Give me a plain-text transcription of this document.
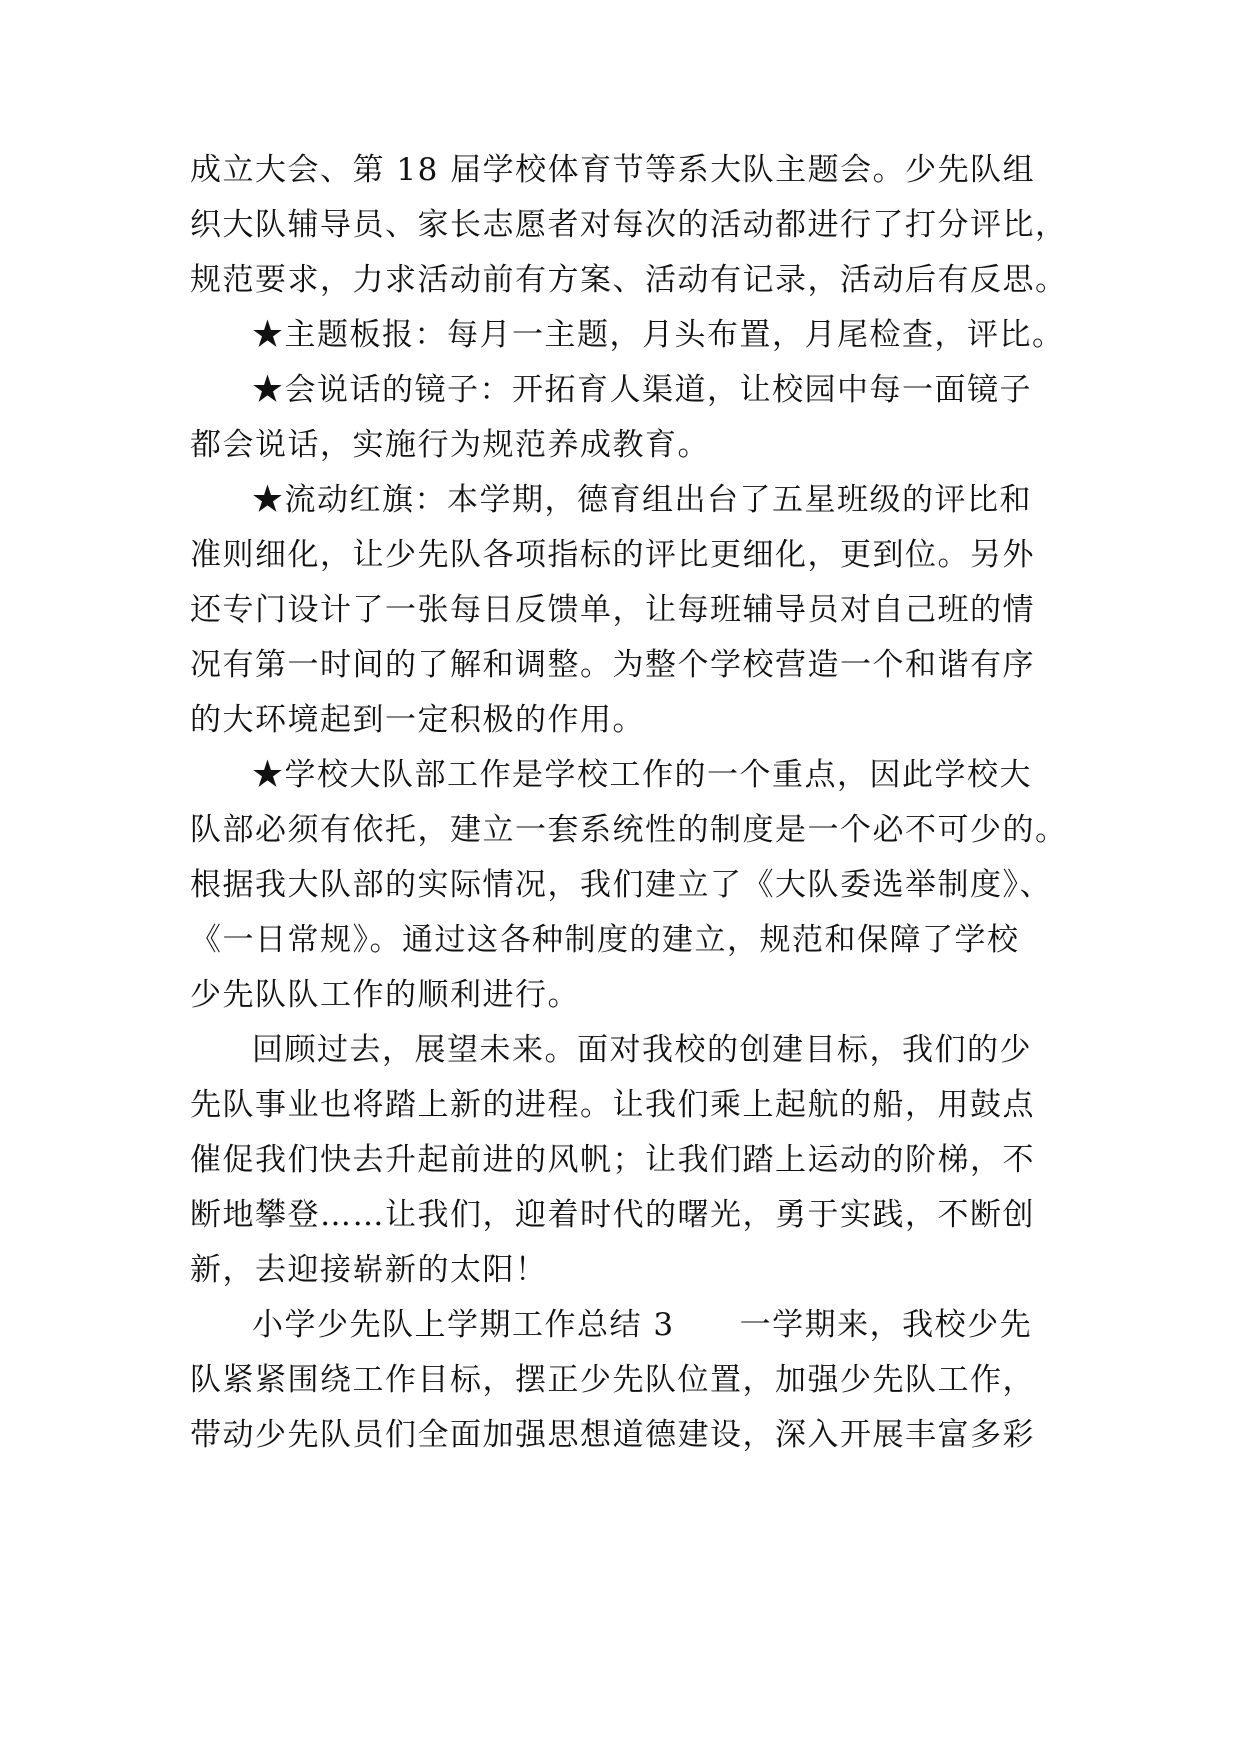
成立大会、第 18 届学校体育节等系大队主题会。少先队组
织大队辅导员、家长志愿者对每次的活动都进行了打分评比，
规范要求，力求活动前有方案、活动有记录，活动后有反思。
★主题板报：每月一主题，月头布置，月尾检查，评比。
★会说话的镜子：开拓育人渠道，让校园中每一面镜子
都会说话，实施行为规范养成教育。
★流动红旗：本学期，德育组出台了五星班级的评比和
准则细化，让少先队各项指标的评比更细化，更到位。另外
还专门设计了一张每日反馈单，让每班辅导员对自己班的情
况有第一时间的了解和调整。为整个学校营造一个和谐有序
的大环境起到一定积极的作用。
★学校大队部工作是学校工作的一个重点，因此学校大
队部必须有依托，建立一套系统性的制度是一个必不可少的。
根据我大队部的实际情况，我们建立了《大队委选举制度》、
《一日常规》。通过这各种制度的建立，规范和保障了学校
少先队队工作的顺利进行。
回顾过去，展望未来。面对我校的创建目标，我们的少
先队事业也将踏上新的进程。让我们乘上起航的船，用鼓点
催促我们快去升起前进的风帆；让我们踏上运动的阶梯，不
断地攀登……让我们，迎着时代的曙光，勇于实践，不断创
新，去迎接崭新的太阳！
小学少先队上学期工作总结 3　　一学期来，我校少先
队紧紧围绕工作目标，摆正少先队位置，加强少先队工作，
带动少先队员们全面加强思想道德建设，深入开展丰富多彩
